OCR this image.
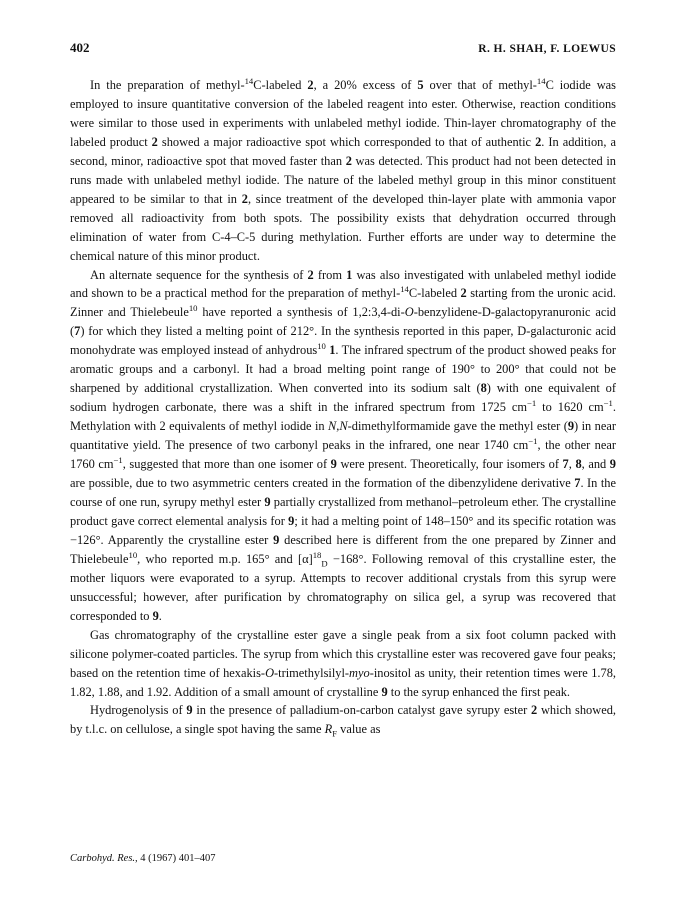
402	R. H. SHAH, F. LOEWUS

In the preparation of methyl-$^{14}$C-labeled 2, a 20% excess of 5 over that of methyl-$^{14}$C iodide was employed to insure quantitative conversion of the labeled reagent into ester. Otherwise, reaction conditions were similar to those used in experiments with unlabeled methyl iodide. Thin-layer chromatography of the labeled product 2 showed a major radioactive spot which corresponded to that of authentic 2. In addition, a second, minor, radioactive spot that moved faster than 2 was detected. This product had not been detected in runs made with unlabeled methyl iodide. The nature of the labeled methyl group in this minor constituent appeared to be similar to that in 2, since treatment of the developed thin-layer plate with ammonia vapor removed all radioactivity from both spots. The possibility exists that dehydration occurred through elimination of water from C-4–C-5 during methylation. Further efforts are under way to determine the chemical nature of this minor product.

An alternate sequence for the synthesis of 2 from 1 was also investigated with unlabeled methyl iodide and shown to be a practical method for the preparation of methyl-$^{14}$C-labeled 2 starting from the uronic acid. Zinner and Thielebeule$^{10}$ have reported a synthesis of 1,2:3,4-di-O-benzylidene-D-galactopyranuronic acid (7) for which they listed a melting point of 212°. In the synthesis reported in this paper, D-galacturonic acid monohydrate was employed instead of anhydrous$^{10}$ 1. The infrared spectrum of the product showed peaks for aromatic groups and a carbonyl. It had a broad melting point range of 190° to 200° that could not be sharpened by additional crystallization. When converted into its sodium salt (8) with one equivalent of sodium hydrogen carbonate, there was a shift in the infrared spectrum from 1725 $cm^{-1}$ to 1620 $cm^{-1}$. Methylation with 2 equivalents of methyl iodide in N,N-dimethylformamide gave the methyl ester (9) in near quantitative yield. The presence of two carbonyl peaks in the infrared, one near 1740 $cm^{-1}$, the other near 1760 $cm^{-1}$, suggested that more than one isomer of 9 were present. Theoretically, four isomers of 7, 8, and 9 are possible, due to two asymmetric centers created in the formation of the dibenzylidene derivative 7. In the course of one run, syrupy methyl ester 9 partially crystallized from methanol–petroleum ether. The crystalline product gave correct elemental analysis for 9; it had a melting point of 148–150° and its specific rotation was −126°. Apparently the crystalline ester 9 described here is different from the one prepared by Zinner and Thielebeule$^{10}$, who reported m.p. 165° and $[\alpha]^{18}_D -168^\circ$. Following removal of this crystalline ester, the mother liquors were evaporated to a syrup. Attempts to recover additional crystals from this syrup were unsuccessful; however, after purification by chromatography on silica gel, a syrup was recovered that corresponded to 9.

Gas chromatography of the crystalline ester gave a single peak from a six foot column packed with silicone polymer-coated particles. The syrup from which this crystalline ester was recovered gave four peaks; based on the retention time of hexakis-O-trimethylsilyl-myo-inositol as unity, their retention times were 1.78, 1.82, 1.88, and 1.92. Addition of a small amount of crystalline 9 to the syrup enhanced the first peak.

Hydrogenolysis of 9 in the presence of palladium-on-carbon catalyst gave syrupy ester 2 which showed, by t.l.c. on cellulose, a single spot having the same $R_F$ value as

Carbohyd. Res., 4 (1967) 401–407
